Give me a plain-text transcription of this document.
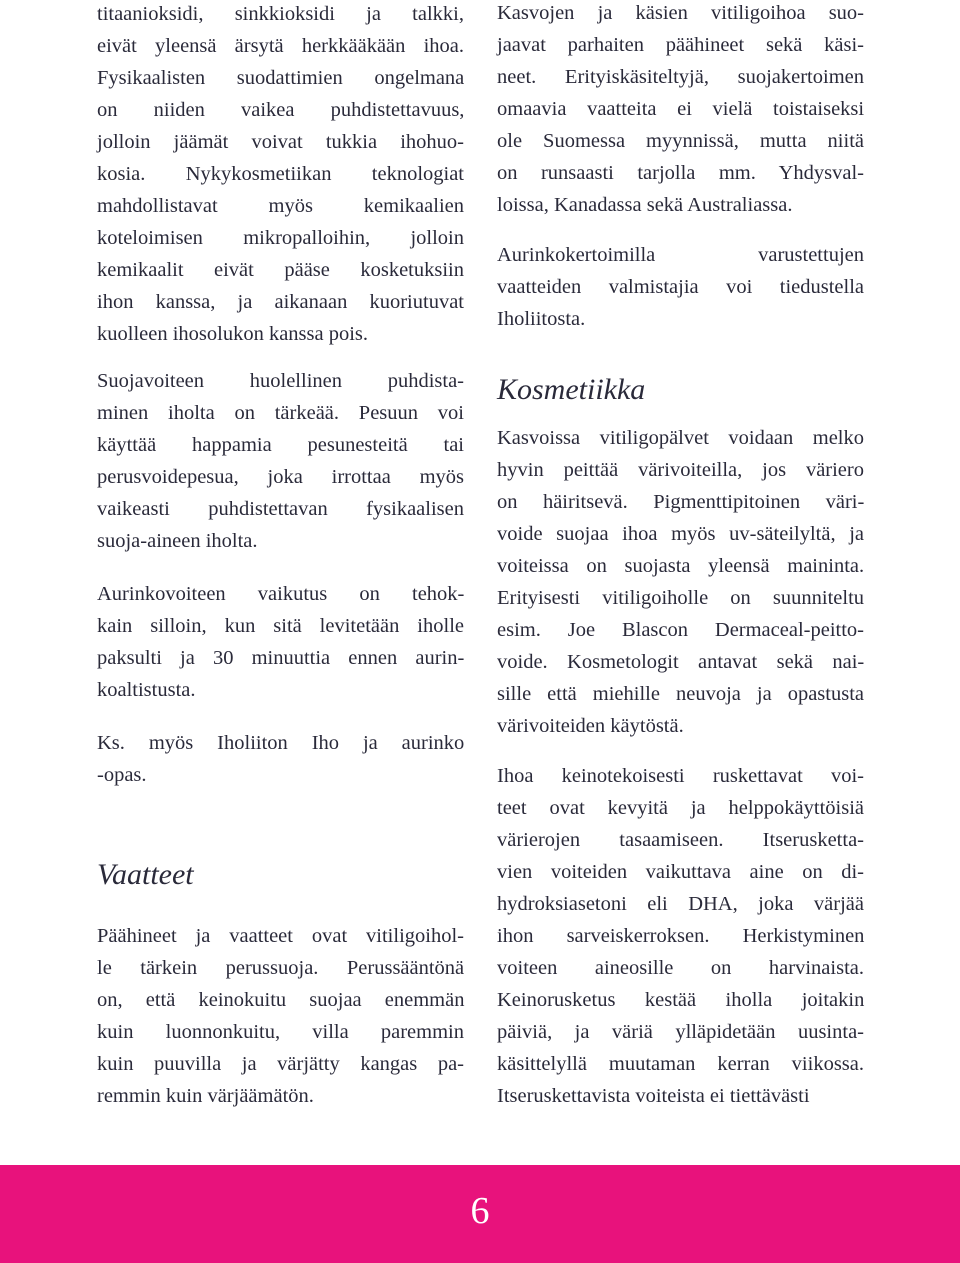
titaanioksidi, sinkkioksidi ja talkki,
eivät yleensä ärsytä herkkääkään ihoa.
Fysikaalisten suodattimien ongelmana
on niiden vaikea puhdistettavuus,
jolloin jäämät voivat tukkia ihohuo-
kosia. Nykykosmetiikan teknologiat
mahdollistavat myös kemikaalien
koteloimisen mikropalloihin, jolloin
kemikaalit eivät pääse kosketuksiin
ihon kanssa, ja aikanaan kuoriutuvat
kuolleen ihosolukon kanssa pois.

Suojavoiteen huolellinen puhdista-
minen iholta on tärkeää. Pesuun voi
käyttää happamia pesunesteitä tai
perusvoidepesua, joka irrottaa myös
vaikeasti puhdistettavan fysikaalisen
suoja-aineen iholta.

Aurinkovoiteen vaikutus on tehok-
kain silloin, kun sitä levitetään iholle
paksulti ja 30 minuuttia ennen aurin-
koaltistusta.

Ks. myös Iholiiton Iho ja aurinko
-opas.

Vaatteet

Päähineet ja vaatteet ovat vitiligoihol-
le tärkein perussuoja. Perussääntönä
on, että keinokuitu suojaa enemmän
kuin luonnonkuitu, villa paremmin
kuin puuvilla ja värjätty kangas pa-
remmin kuin värjäämätön.

Kasvojen ja käsien vitiligoihoa suo-
jaavat parhaiten päähineet sekä käsi-
neet. Erityiskäsiteltyjä, suojakertoimen
omaavia vaatteita ei vielä toistaiseksi
ole Suomessa myynnissä, mutta niitä
on runsaasti tarjolla mm. Yhdysval-
loissa, Kanadassa sekä Australiassa.

Aurinkokertoimilla varustettujen
vaatteiden valmistajia voi tiedustella
Iholiitosta.

Kosmetiikka

Kasvoissa vitiligopälvet voidaan melko
hyvin peittää värivoiteilla, jos väriero
on häiritsevä. Pigmenttipitoinen väri-
voide suojaa ihoa myös uv-säteilyltä, ja
voiteissa on suojasta yleensä maininta.
Erityisesti vitiligoiholle on suunniteltu
esim. Joe Blascon Dermaceal-peitto-
voide. Kosmetologit antavat sekä nai-
sille että miehille neuvoja ja opastusta
värivoiteiden käytöstä.

Ihoa keinotekoisesti ruskettavat voi-
teet ovat kevyitä ja helppokäyttöisiä
värierojen tasaamiseen. Itserusketta-
vien voiteiden vaikuttava aine on di-
hydroksiasetoni eli DHA, joka värjää
ihon sarveiskerroksen. Herkistyminen
voiteen aineosille on harvinaista.
Keinorusketus kestää iholla joitakin
päiviä, ja väriä ylläpidetään uusinta-
käsittelyllä muutaman kerran viikossa.
Itseruskettavista voiteista ei tiettävästi

6
